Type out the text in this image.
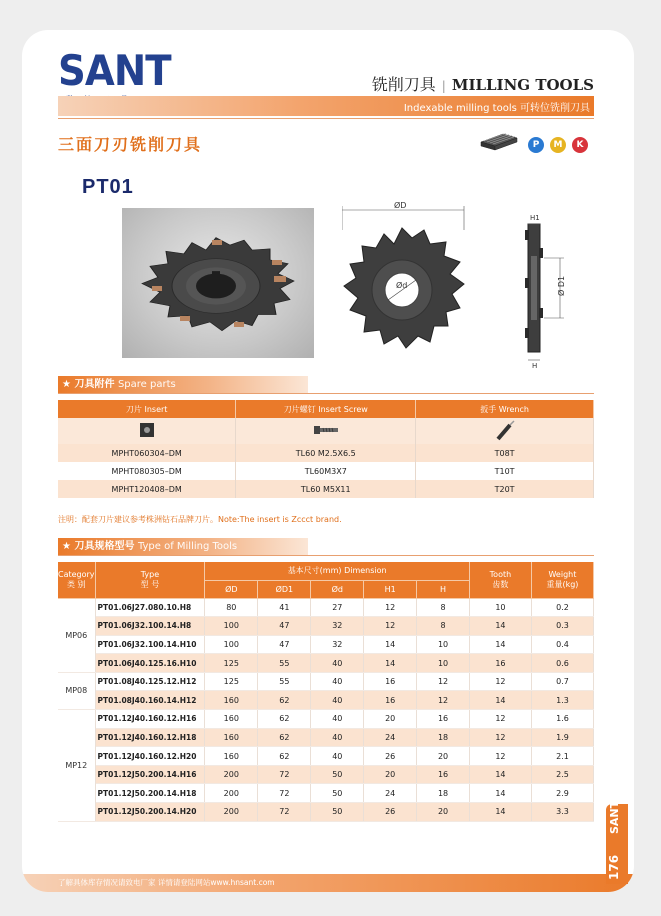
SANT	铣削刀具 | MILLING TOOLS
Indexable milling tools 可转位铣削刀具
三面刀刃铣削刀具	P	M	K
PT01
Ød
ØD
Ø D1
H1
H
★ 刀具附件 Spare parts
刀片 Insert	刀片螺钉 Insert Screw	扳手 Wrench

MPHT060304–DM	TL60 M2.5X6.5	T08T
MPHT080305–DM	TL60M3X7	T10T
MPHT120408–DM	TL60 M5X11	T20T
注明：配套刀片建议参考株洲钻石品牌刀片。Note:The insert is Zccct brand.
★ 刀具规格型号 Type of Milling Tools
Category
类 别	Type
型 号	基本尺寸(mm) Dimension					Tooth
齿数	Weight
重量(kg)
		ØD	ØD1	Ød	H1	H		
MP06	PT01.06J27.080.10.H8	80	41	27	12	8	10	0.2
	PT01.06J32.100.14.H8	100	47	32	12	8	14	0.3
	PT01.06J32.100.14.H10	100	47	32	14	10	14	0.4
	PT01.06J40.125.16.H10	125	55	40	14	10	16	0.6
MP08	PT01.08J40.125.12.H12	125	55	40	16	12	12	0.7
	PT01.08J40.160.14.H12	160	62	40	16	12	14	1.3
MP12	PT01.12J40.160.12.H16	160	62	40	20	16	12	1.6
	PT01.12J40.160.12.H18	160	62	40	24	18	12	1.9
	PT01.12J40.160.12.H20	160	62	40	26	20	12	2.1
	PT01.12J50.200.14.H16	200	72	50	20	16	14	2.5
	PT01.12J50.200.14.H18	200	72	50	24	18	14	2.9
	PT01.12J50.200.14.H20	200	72	50	26	20	14	3.3
了解具体库存情况请致电厂家 详情请登陆网站www.hnsant.com
SANT
176
